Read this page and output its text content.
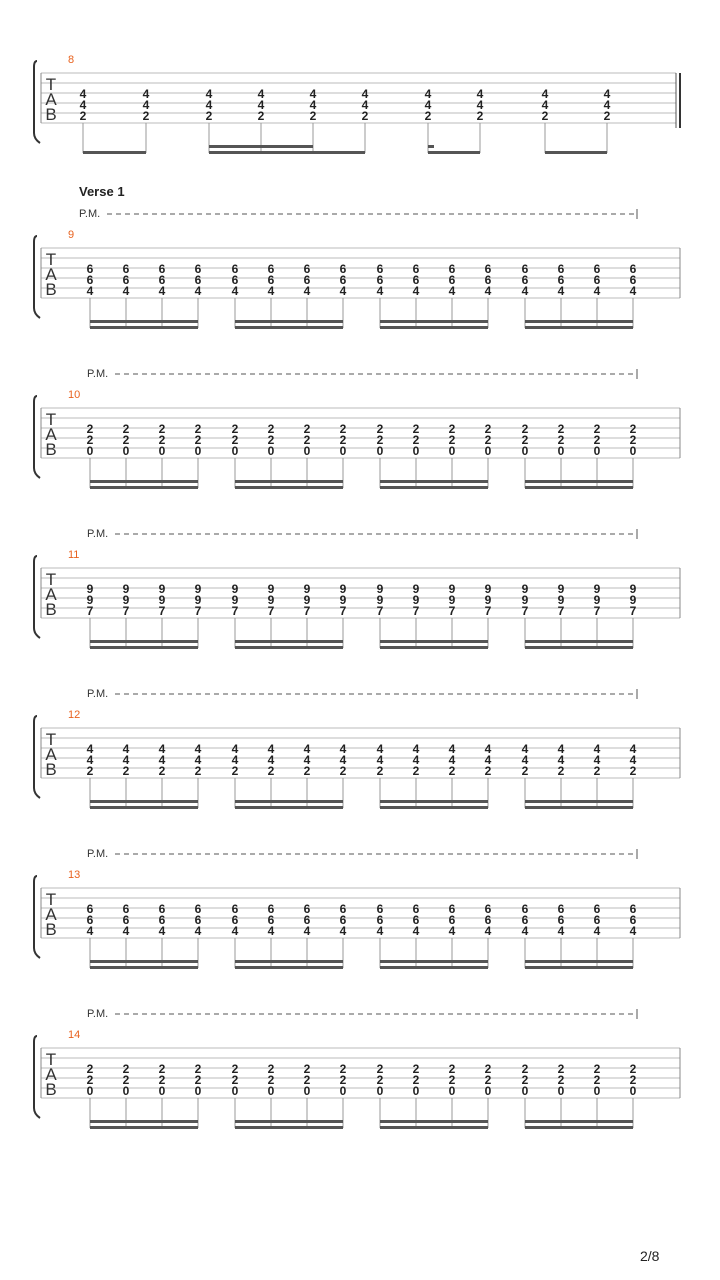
T
A
B
8
4
4
2
4
4
2
4
4
2
4
4
2
4
4
2
4
4
2
4
4
2
4
4
2
4
4
2
4
4
2
T
A
B
9
Verse 1
P.M.
6
6
4
6
6
4
6
6
4
6
6
4
6
6
4
6
6
4
6
6
4
6
6
4
6
6
4
6
6
4
6
6
4
6
6
4
6
6
4
6
6
4
6
6
4
6
6
4
T
A
B
10
P.M.
2
2
0
2
2
0
2
2
0
2
2
0
2
2
0
2
2
0
2
2
0
2
2
0
2
2
0
2
2
0
2
2
0
2
2
0
2
2
0
2
2
0
2
2
0
2
2
0
T
A
B
11
P.M.
9
9
7
9
9
7
9
9
7
9
9
7
9
9
7
9
9
7
9
9
7
9
9
7
9
9
7
9
9
7
9
9
7
9
9
7
9
9
7
9
9
7
9
9
7
9
9
7
T
A
B
12
P.M.
4
4
2
4
4
2
4
4
2
4
4
2
4
4
2
4
4
2
4
4
2
4
4
2
4
4
2
4
4
2
4
4
2
4
4
2
4
4
2
4
4
2
4
4
2
4
4
2
T
A
B
13
P.M.
6
6
4
6
6
4
6
6
4
6
6
4
6
6
4
6
6
4
6
6
4
6
6
4
6
6
4
6
6
4
6
6
4
6
6
4
6
6
4
6
6
4
6
6
4
6
6
4
T
A
B
14
P.M.
2
2
0
2
2
0
2
2
0
2
2
0
2
2
0
2
2
0
2
2
0
2
2
0
2
2
0
2
2
0
2
2
0
2
2
0
2
2
0
2
2
0
2
2
0
2
2
0
2/8
